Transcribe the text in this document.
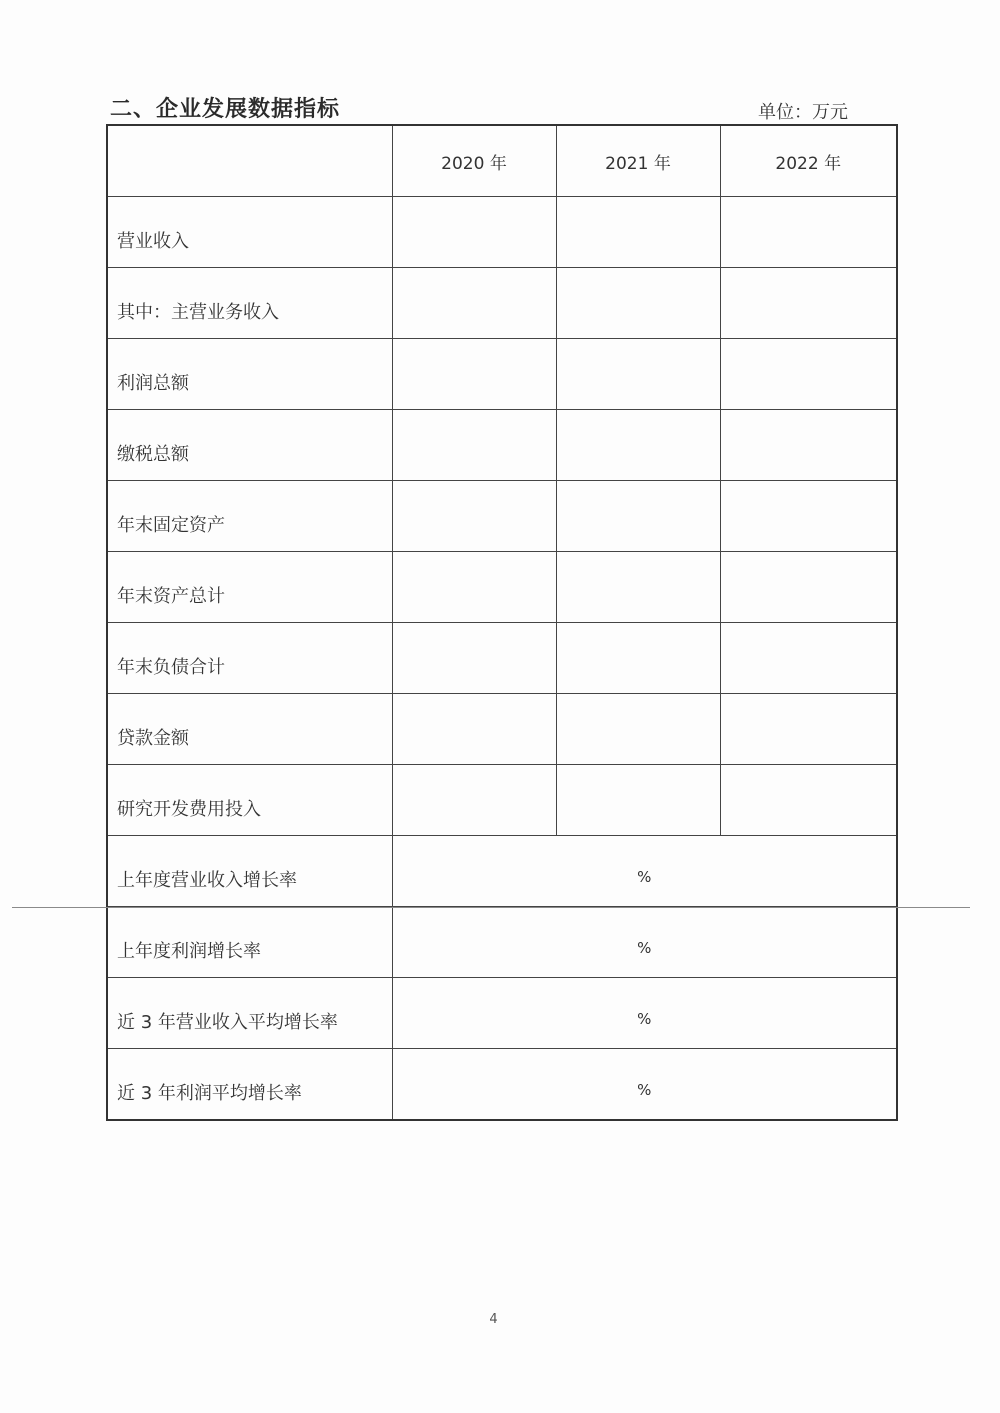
二、企业发展数据指标	单位：万元
	2020 年	2021 年	2022 年
营业收入			
其中：主营业务收入			
利润总额			
缴税总额			
年末固定资产			
年末资产总计			
年末负债合计			
贷款金额			
研究开发费用投入			
上年度营业收入增长率	%		
上年度利润增长率	%		
近 3 年营业收入平均增长率	%		
近 3 年利润平均增长率	%		
4
